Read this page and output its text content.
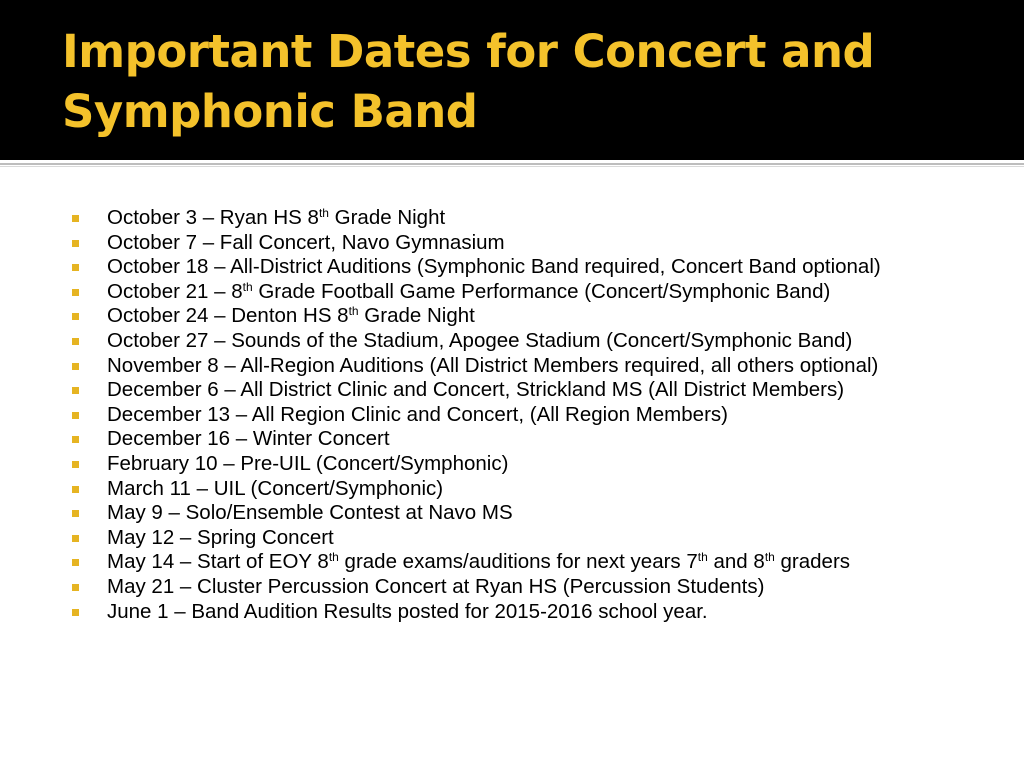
Important Dates for Concert and Symphonic Band
October 3 – Ryan HS 8th Grade Night
October 7 – Fall Concert, Navo Gymnasium
October 18 – All-District Auditions (Symphonic Band required, Concert Band optional)
October 21 – 8th Grade Football Game Performance (Concert/Symphonic Band)
October 24 – Denton HS 8th Grade Night
October 27 – Sounds of the Stadium, Apogee Stadium (Concert/Symphonic Band)
November 8 – All-Region Auditions (All District Members required, all others optional)
December 6 – All District Clinic and Concert, Strickland MS (All District Members)
December 13 – All Region Clinic and Concert, (All Region Members)
December 16 – Winter Concert
February 10 – Pre-UIL (Concert/Symphonic)
March 11 – UIL (Concert/Symphonic)
May 9 – Solo/Ensemble Contest at Navo MS
May 12 – Spring Concert
May 14 – Start of EOY 8th grade exams/auditions for next years 7th and 8th graders
May 21 – Cluster Percussion Concert at Ryan HS (Percussion Students)
June 1 – Band Audition Results posted for 2015-2016 school year.
